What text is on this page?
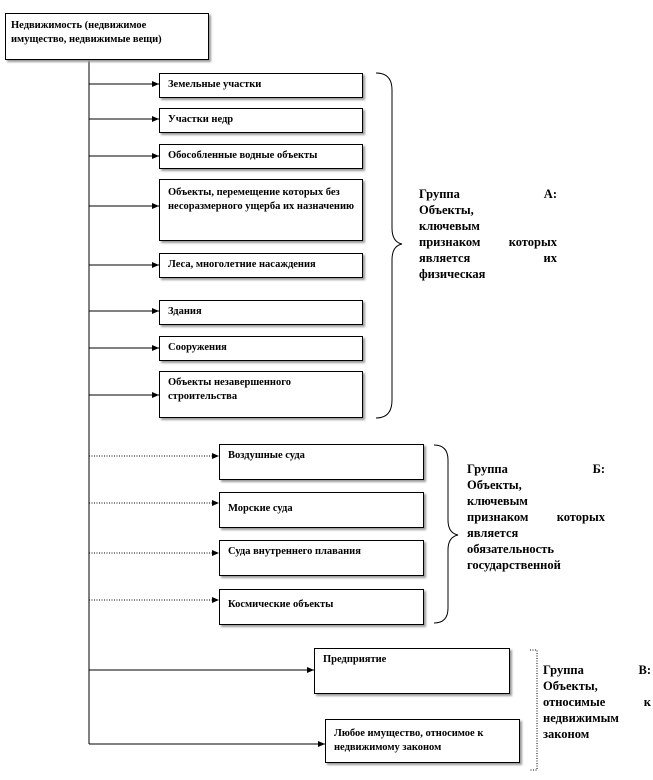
Недвижимость (недвижимое имущество, недвижимые вещи)
Земельные участки
Участки недр
Обособленные водные объекты
Объекты, перемещение которых без несоразмерного ущерба их назначению
Леса, многолетние насаждения
Здания
Сооружения
Объекты незавершенного строительства
Воздушные суда
Морские суда
Суда внутреннего плавания
Космические объекты
Предприятие
Любое имущество, относимое к недвижимому законом
Группа	А:
Объекты,
ключевым
признаком которых
является	их
физическая
Группа	Б:
Объекты,
ключевым
признаком которых
является
обязательность
государственной
Группа	В:
Объекты,
относимые	к
недвижимым
законом
